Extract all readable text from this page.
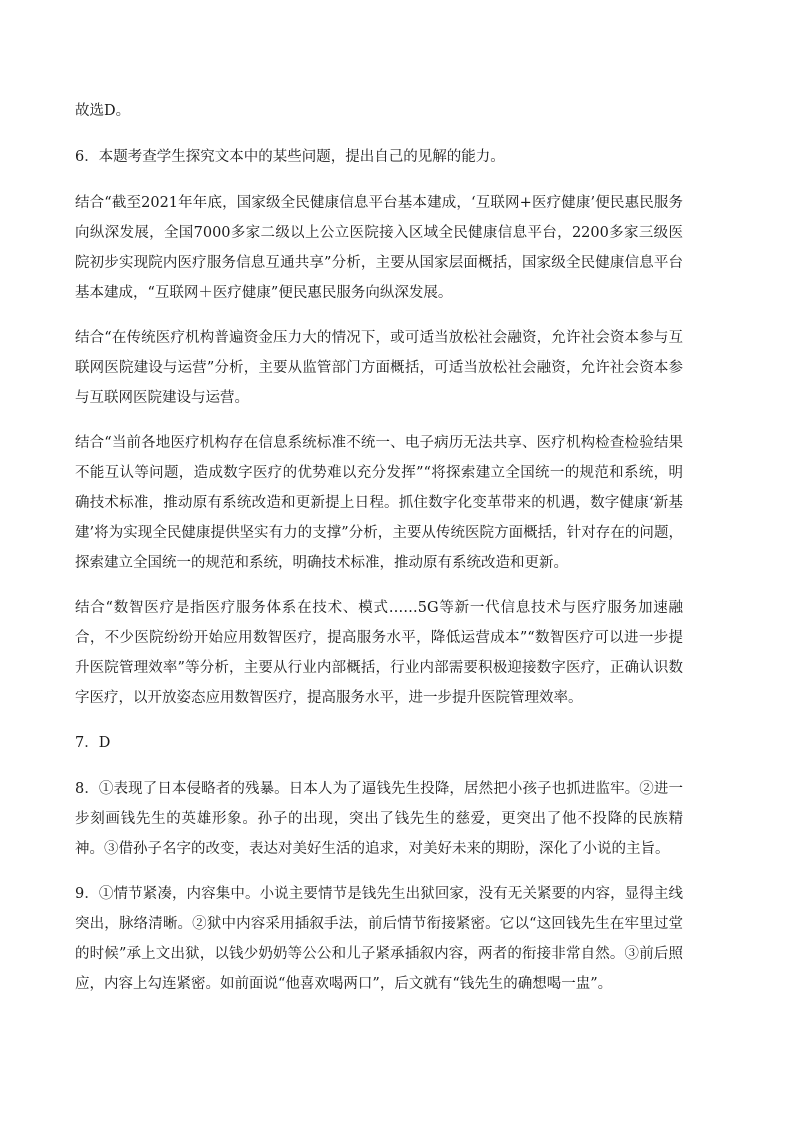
故选D。

6．本题考查学生探究文本中的某些问题，提出自己的见解的能力。

结合“截至2021年年底，国家级全民健康信息平台基本建成，‘互联网+医疗健康’便民惠民服务向纵深发展，全国7000多家二级以上公立医院接入区域全民健康信息平台，2200多家三级医院初步实现院内医疗服务信息互通共享”分析，主要从国家层面概括，国家级全民健康信息平台基本建成，“互联网＋医疗健康”便民惠民服务向纵深发展。

结合“在传统医疗机构普遍资金压力大的情况下，或可适当放松社会融资，允许社会资本参与互联网医院建设与运营”分析，主要从监管部门方面概括，可适当放松社会融资，允许社会资本参与互联网医院建设与运营。

结合“当前各地医疗机构存在信息系统标准不统一、电子病历无法共享、医疗机构检查检验结果不能互认等问题，造成数字医疗的优势难以充分发挥”“将探索建立全国统一的规范和系统，明确技术标准，推动原有系统改造和更新提上日程。抓住数字化变革带来的机遇，数字健康‘新基建’将为实现全民健康提供坚实有力的支撑”分析，主要从传统医院方面概括，针对存在的问题，探索建立全国统一的规范和系统，明确技术标准，推动原有系统改造和更新。

结合“数智医疗是指医疗服务体系在技术、模式……5G等新一代信息技术与医疗服务加速融合，不少医院纷纷开始应用数智医疗，提高服务水平，降低运营成本”“数智医疗可以进一步提升医院管理效率”等分析，主要从行业内部概括，行业内部需要积极迎接数字医疗，正确认识数字医疗，以开放姿态应用数智医疗，提高服务水平，进一步提升医院管理效率。

7．D

8．①表现了日本侵略者的残暴。日本人为了逼钱先生投降，居然把小孩子也抓进监牢。②进一步刻画钱先生的英雄形象。孙子的出现，突出了钱先生的慈爱，更突出了他不投降的民族精神。③借孙子名字的改变，表达对美好生活的追求，对美好未来的期盼，深化了小说的主旨。

9．①情节紧凑，内容集中。小说主要情节是钱先生出狱回家，没有无关紧要的内容，显得主线突出，脉络清晰。②狱中内容采用插叙手法，前后情节衔接紧密。它以“这回钱先生在牢里过堂的时候”承上文出狱，以钱少奶奶等公公和儿子紧承插叙内容，两者的衔接非常自然。③前后照应，内容上勾连紧密。如前面说“他喜欢喝两口”，后文就有“钱先生的确想喝一盅”。
